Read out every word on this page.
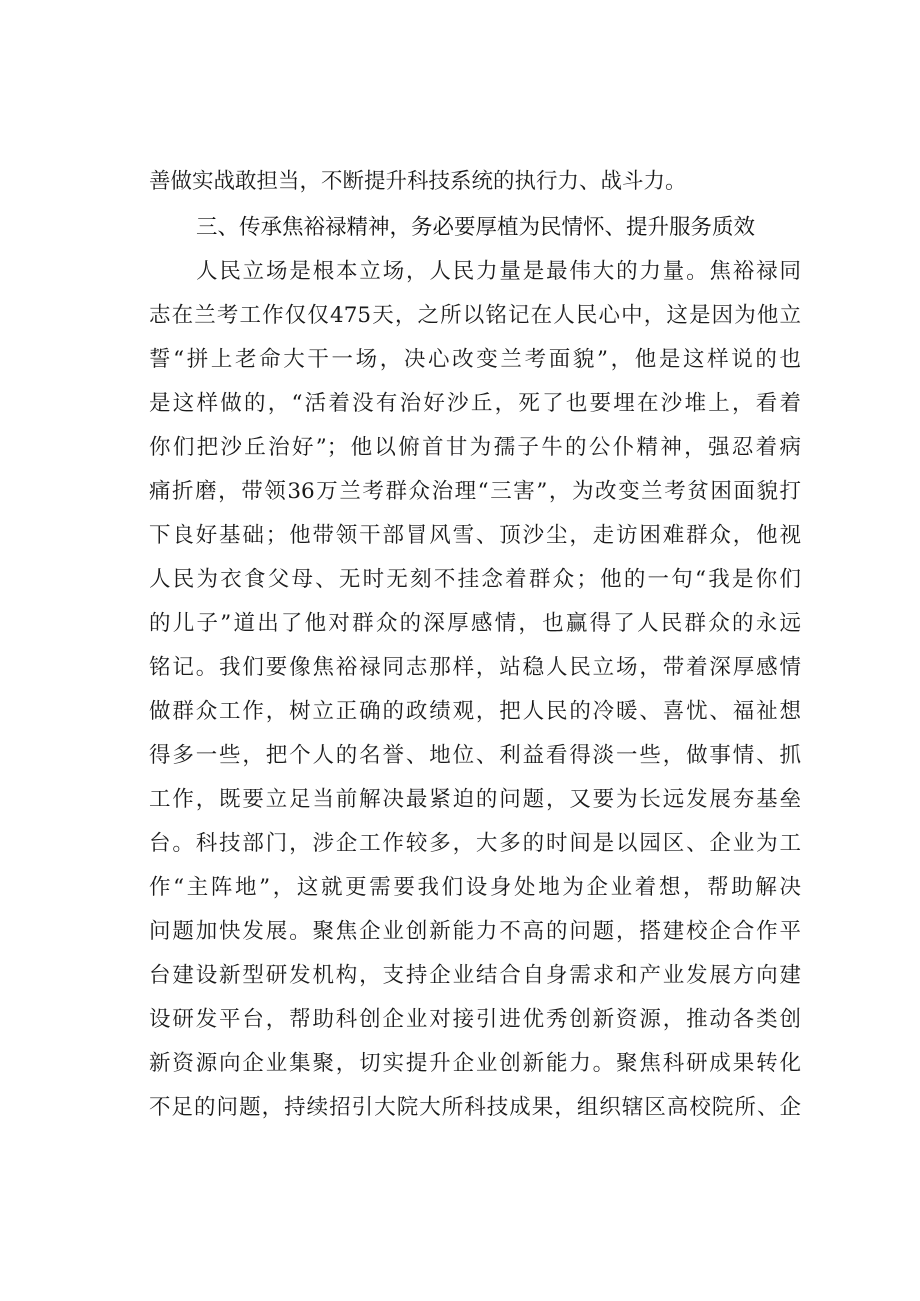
善做实战敢担当，不断提升科技系统的执行力、战斗力。
三、传承焦裕禄精神，务必要厚植为民情怀、提升服务质效
人民立场是根本立场，人民力量是最伟大的力量。焦裕禄同
志在兰考工作仅仅475天，之所以铭记在人民心中，这是因为他立
誓“拼上老命大干一场，决心改变兰考面貌”，他是这样说的也
是这样做的，“活着没有治好沙丘，死了也要埋在沙堆上，看着
你们把沙丘治好”；他以俯首甘为孺子牛的公仆精神，强忍着病
痛折磨，带领36万兰考群众治理“三害”，为改变兰考贫困面貌打
下良好基础；他带领干部冒风雪、顶沙尘，走访困难群众，他视
人民为衣食父母、无时无刻不挂念着群众；他的一句“我是你们
的儿子”道出了他对群众的深厚感情，也赢得了人民群众的永远
铭记。我们要像焦裕禄同志那样，站稳人民立场，带着深厚感情
做群众工作，树立正确的政绩观，把人民的冷暖、喜忧、福祉想
得多一些，把个人的名誉、地位、利益看得淡一些，做事情、抓
工作，既要立足当前解决最紧迫的问题，又要为长远发展夯基垒
台。科技部门，涉企工作较多，大多的时间是以园区、企业为工
作“主阵地”，这就更需要我们设身处地为企业着想，帮助解决
问题加快发展。聚焦企业创新能力不高的问题，搭建校企合作平
台建设新型研发机构，支持企业结合自身需求和产业发展方向建
设研发平台，帮助科创企业对接引进优秀创新资源，推动各类创
新资源向企业集聚，切实提升企业创新能力。聚焦科研成果转化
不足的问题，持续招引大院大所科技成果，组织辖区高校院所、企
